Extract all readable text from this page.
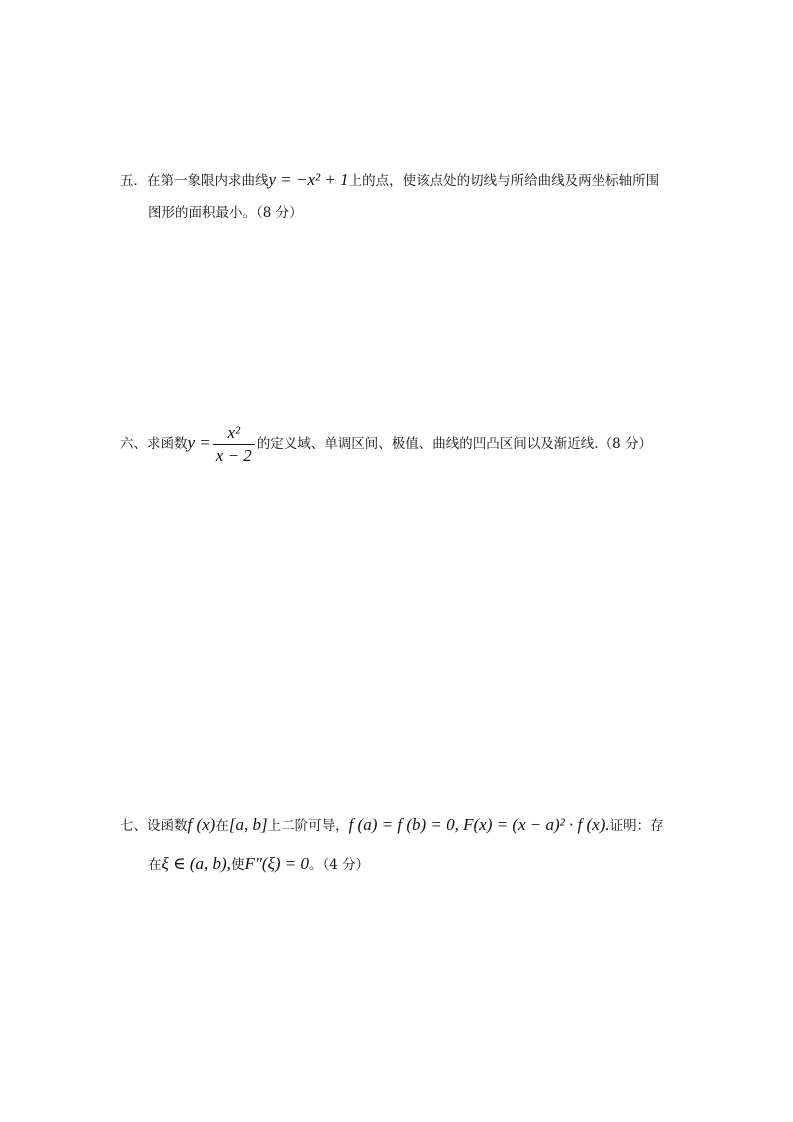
五．在第一象限内求曲线y = −x² + 1上的点，使该点处的切线与所给曲线及两坐标轴所围
图形的面积最小。（8 分）
六、求函数$y = \frac{\text{x²}}{x - 2}$ 的定义域、单调区间、极值、曲线的凹凸区间以及渐近线.（8 分）
七、设函数f (x)在[a, b]上二阶可导，f (a) = f (b) = 0, F(x) = (x − a)² · f (x).证明：存
在ξ ∈ (a, b),使F″(ξ) = 0。（4 分）
